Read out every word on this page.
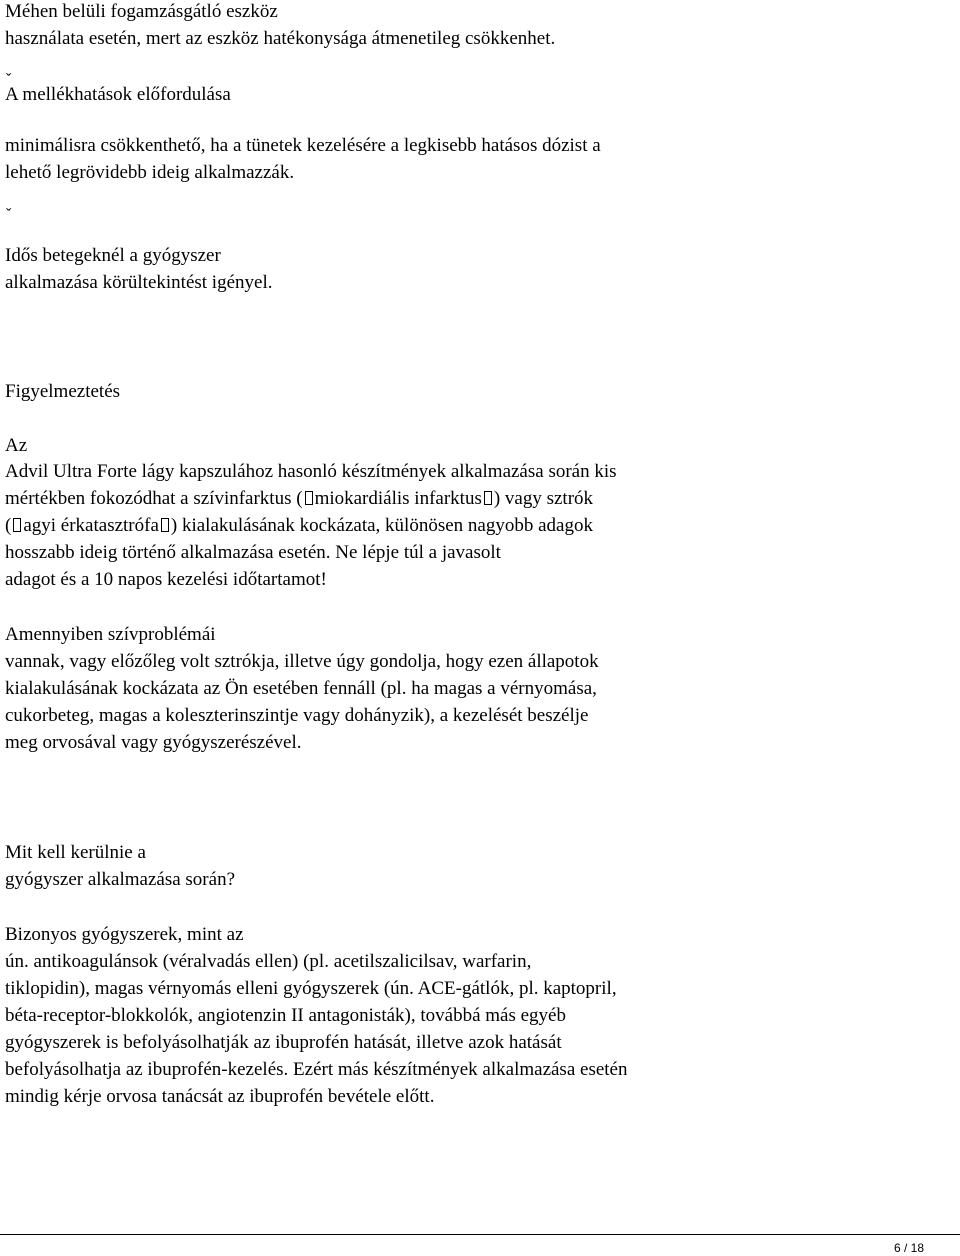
Méhen belüli fogamzásgátló eszköz
használata esetén, mert az eszköz hatékonysága átmenetileg csökkenhet.
ˇ
A mellékhatások előfordulása
minimálisra csökkenthető, ha a tünetek kezelésére a legkisebb hatásos dózist a
lehető legrövidebb ideig alkalmazzák.
ˇ
Idős betegeknél a gyógyszer
alkalmazása körültekintést igényel.
Figyelmeztetés
Az
Advil Ultra Forte lágy kapszulához hasonló készítmények alkalmazása során kis
mértékben fokozódhat a szívinfarktus ( miokardiális infarktus ) vagy sztrók
( agyi érkatasztrófa ) kialakulásának kockázata, különösen nagyobb adagok
hosszabb ideig történő alkalmazása esetén. Ne lépje túl a javasolt
adagot és a 10 napos kezelési időtartamot!
Amennyiben szívproblémái
vannak, vagy előzőleg volt sztrókja, illetve úgy gondolja, hogy ezen állapotok
kialakulásának kockázata az Ön esetében fennáll (pl. ha magas a vérnyomása,
cukorbeteg, magas a koleszterinszintje vagy dohányzik), a kezelését beszélje
meg orvosával vagy gyógyszerészével.
Mit kell kerülnie a
gyógyszer alkalmazása során?
Bizonyos gyógyszerek, mint az
ún. antikoagulánsok (véralvadás ellen) (pl. acetilszalicilsav, warfarin,
tiklopidin), magas vérnyomás elleni gyógyszerek (ún. ACE-gátlók, pl. kaptopril,
béta-receptor-blokkolók, angiotenzin II antagonisták), továbbá más egyéb
gyógyszerek is befolyásolhatják az ibuprofén hatását, illetve azok hatását
befolyásolhatja az ibuprofén-kezelés. Ezért más készítmények alkalmazása esetén
mindig kérje orvosa tanácsát az ibuprofén bevétele előtt.
6 / 18
